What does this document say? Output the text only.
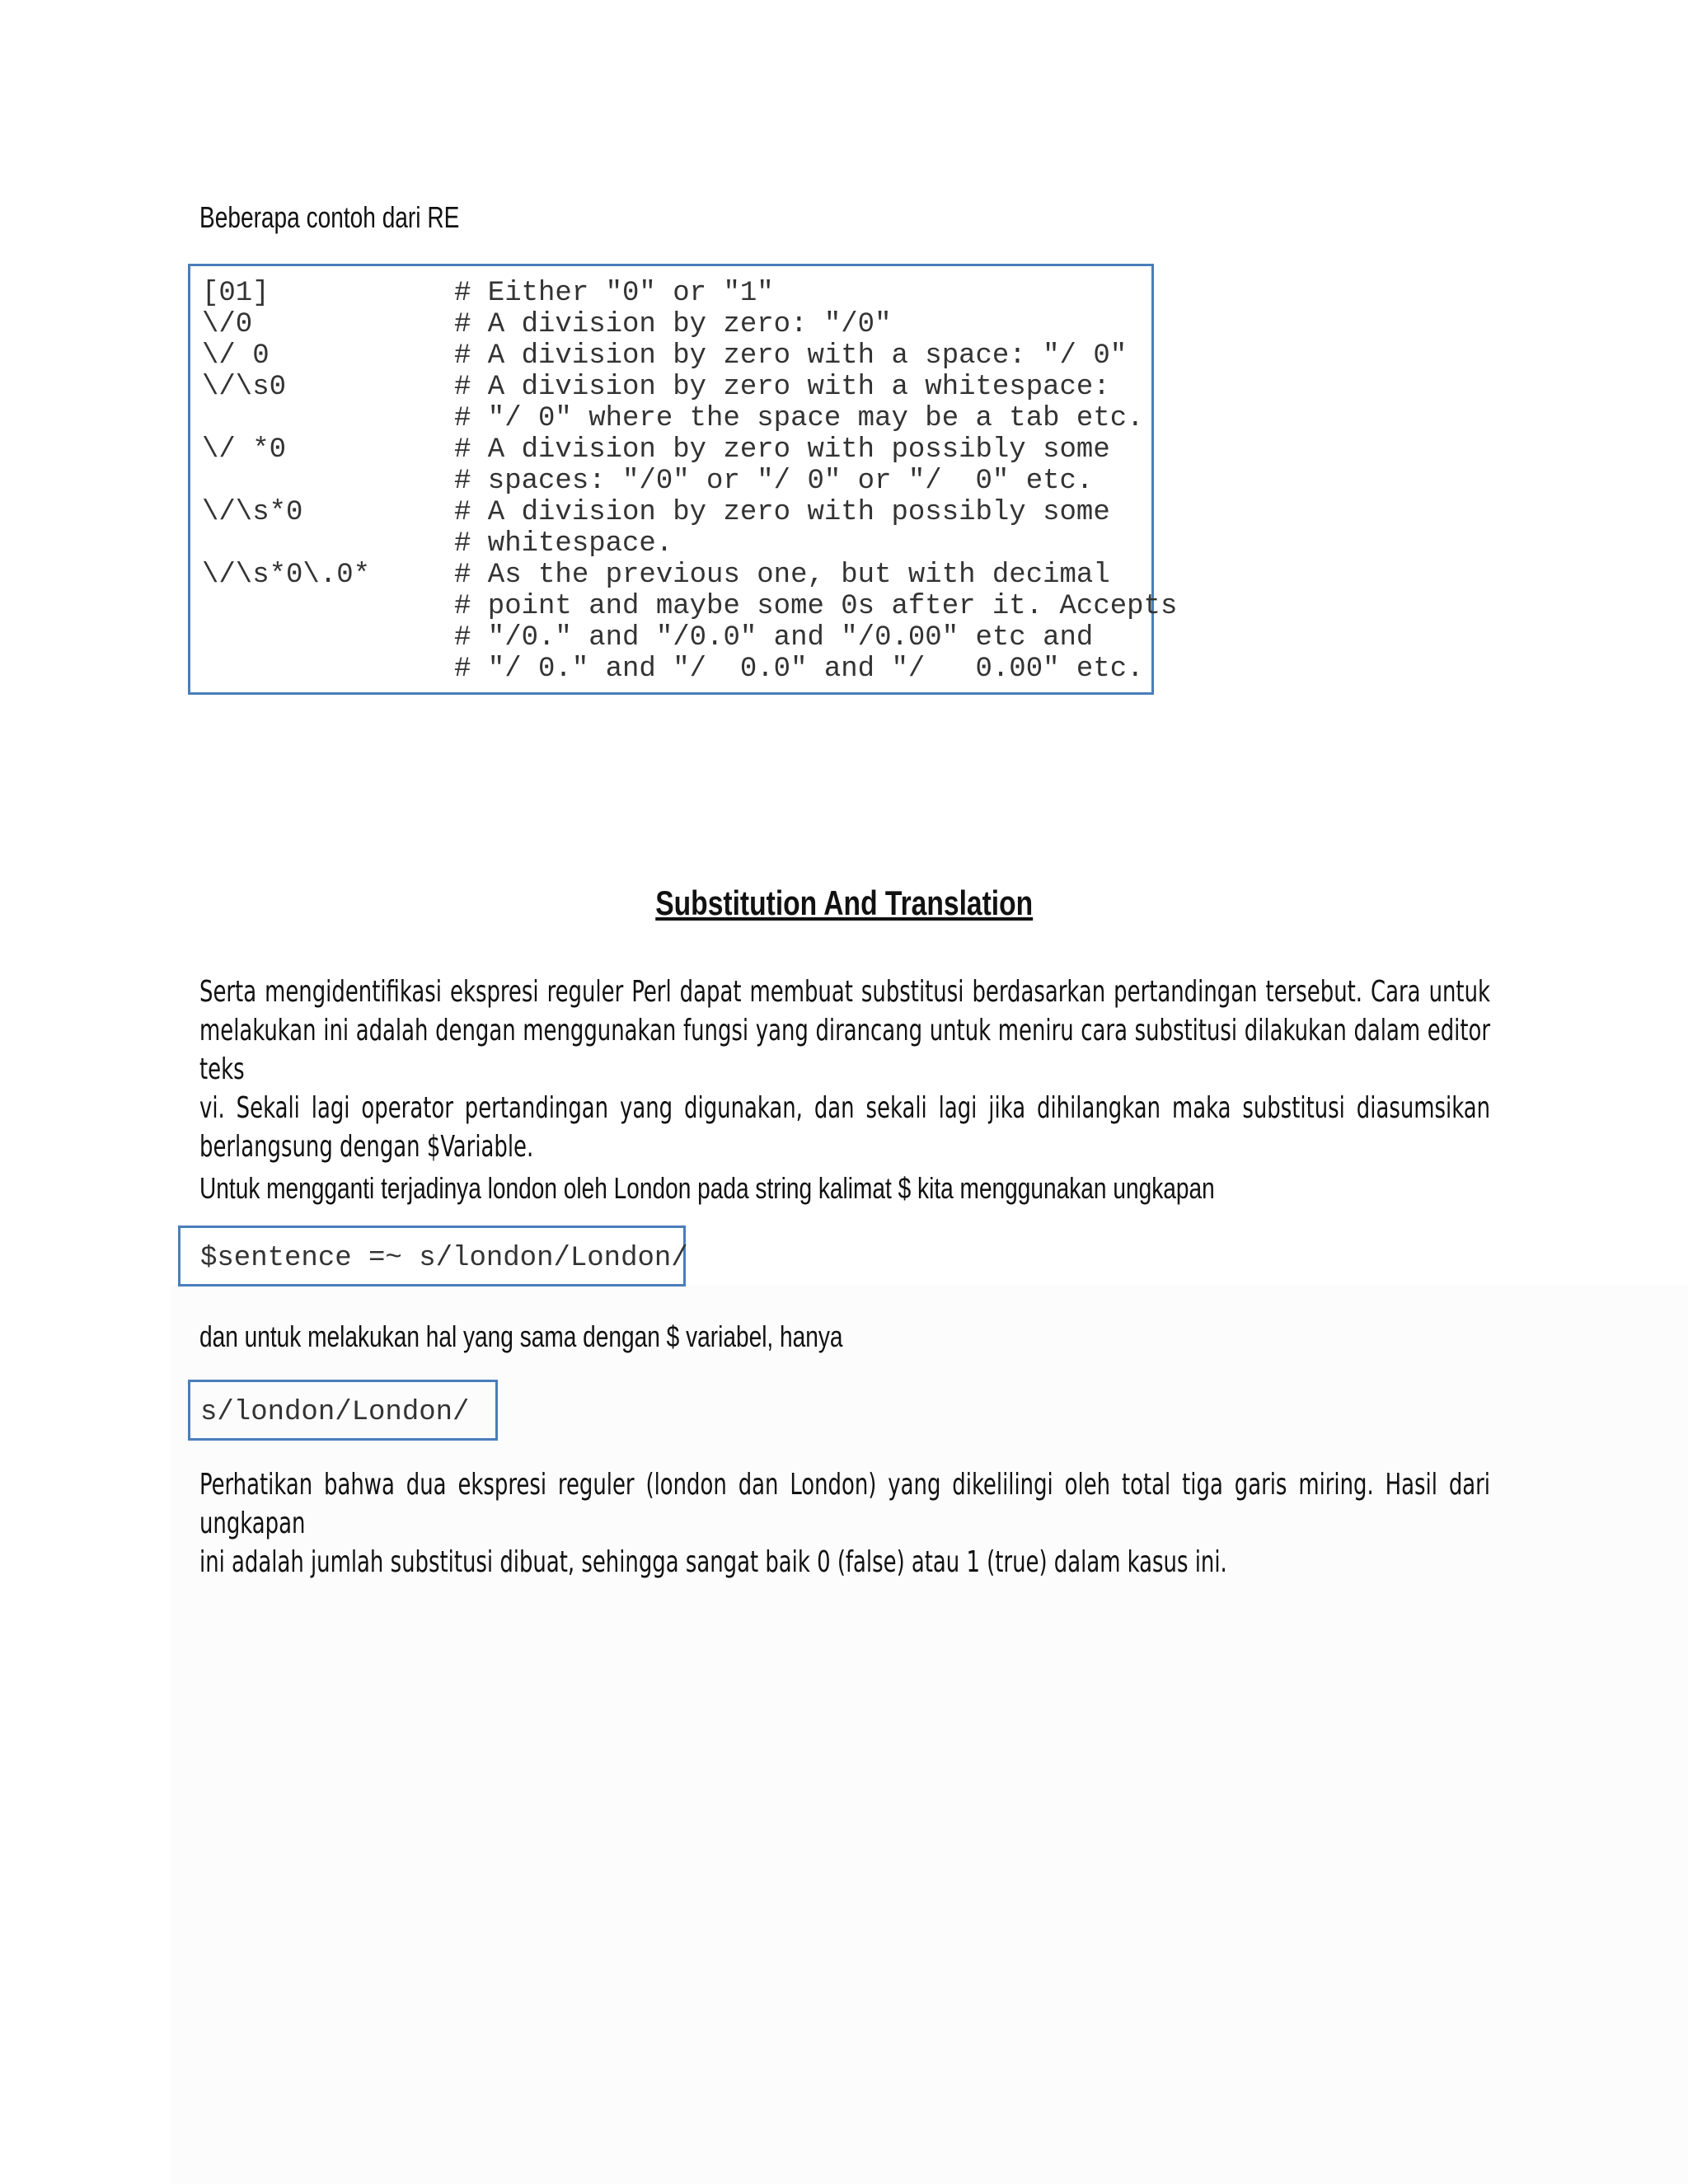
Beberapa contoh dari RE
[01]	# Either "0" or "1"
\/0	# A division by zero: "/0"
\/ 0	# A division by zero with a space: "/ 0"
\/\s0	# A division by zero with a whitespace:
# "/ 0" where the space may be a tab etc.
\/ *0	# A division by zero with possibly some
# spaces: "/0" or "/ 0" or "/  0" etc.
\/\s*0	# A division by zero with possibly some
# whitespace.
\/\s*0\.0*	# As the previous one, but with decimal
# point and maybe some 0s after it. Accepts
# "/0." and "/0.0" and "/0.00" etc and
# "/ 0." and "/  0.0" and "/   0.00" etc.
Substitution And Translation
Serta mengidentifikasi ekspresi reguler Perl dapat membuat substitusi berdasarkan pertandingan tersebut. Cara untuk
melakukan ini adalah dengan menggunakan fungsi yang dirancang untuk meniru cara substitusi dilakukan dalam editor teks
vi. Sekali lagi operator pertandingan yang digunakan, dan sekali lagi jika dihilangkan maka substitusi diasumsikan
berlangsung dengan $Variable.
Untuk mengganti terjadinya london oleh London pada string kalimat $ kita menggunakan ungkapan
$sentence =~ s/london/London/
dan untuk melakukan hal yang sama dengan $ variabel, hanya
s/london/London/
Perhatikan bahwa dua ekspresi reguler (london dan London) yang dikelilingi oleh total tiga garis miring. Hasil dari ungkapan
ini adalah jumlah substitusi dibuat, sehingga sangat baik 0 (false) atau 1 (true) dalam kasus ini.
